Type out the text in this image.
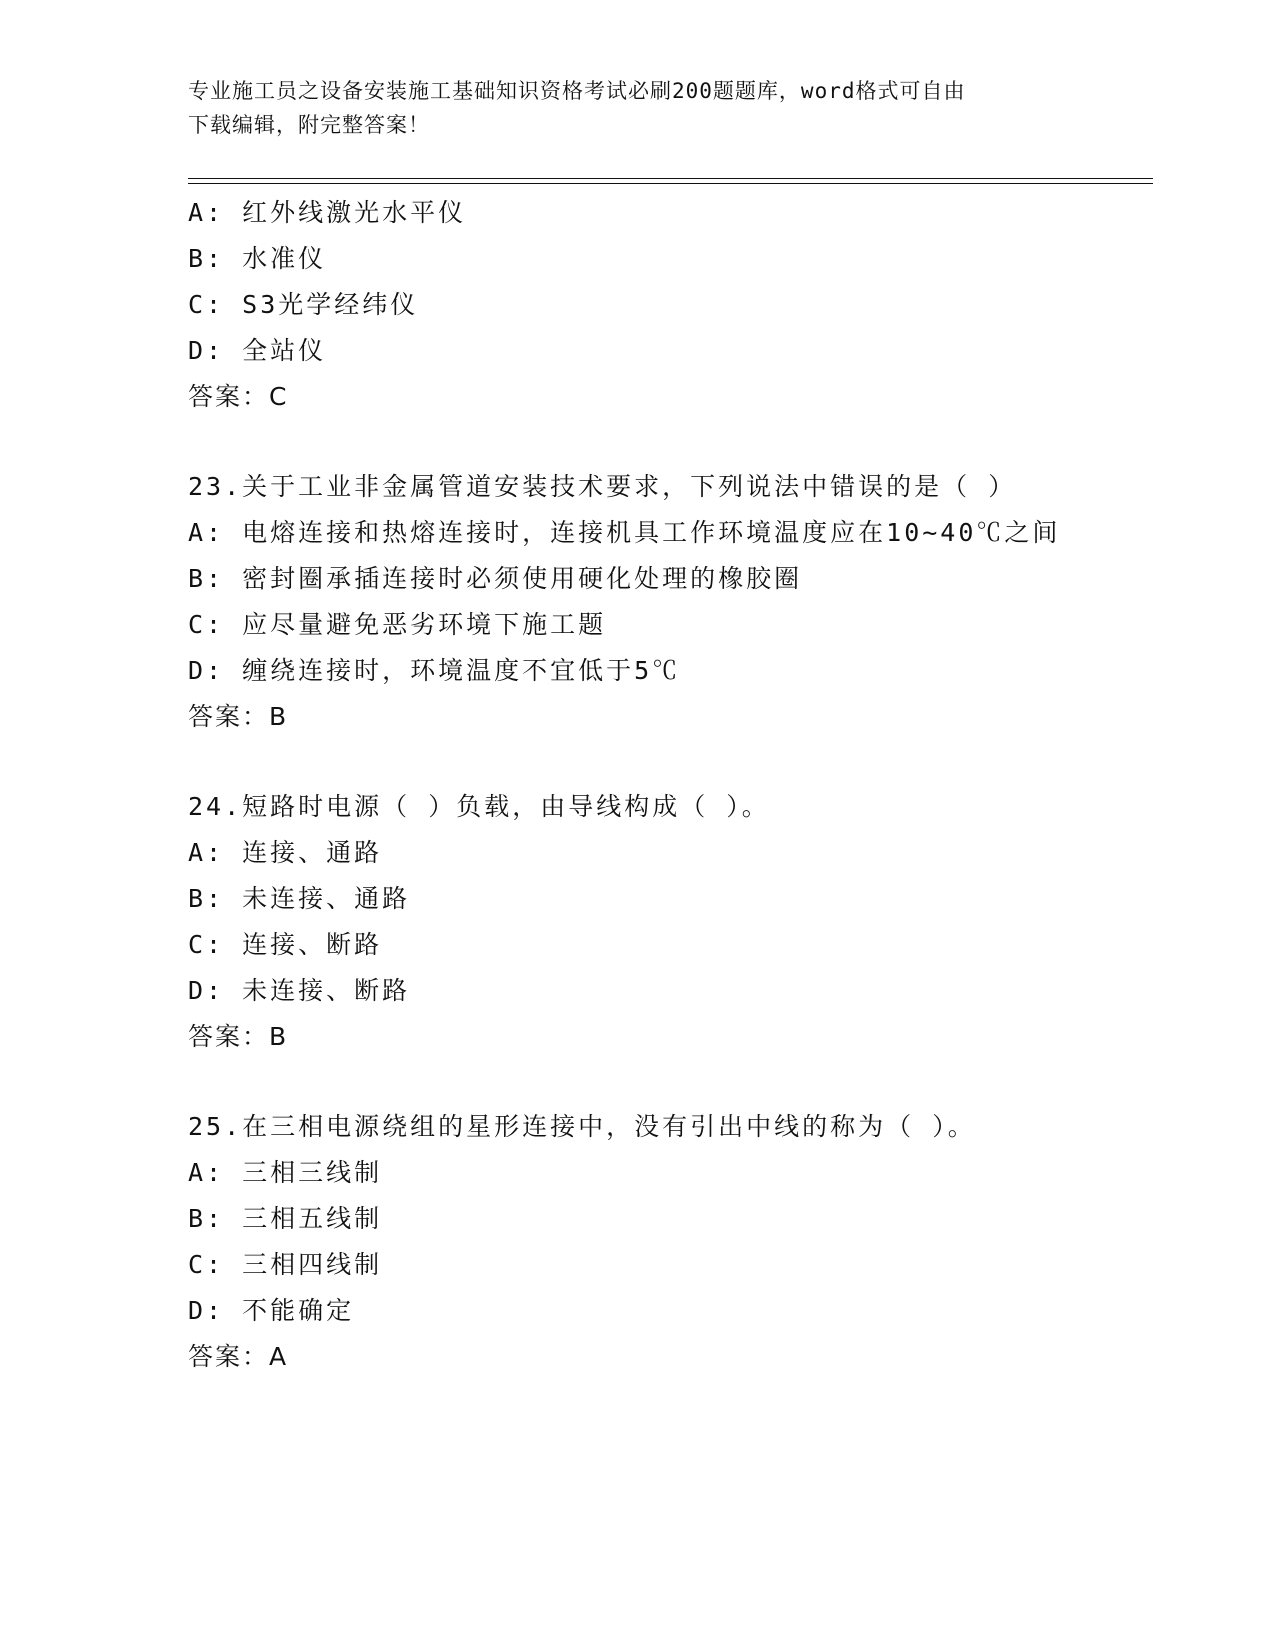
专业施工员之设备安装施工基础知识资格考试必刷200题题库，word格式可自由
下载编辑，附完整答案！
A: 红外线激光水平仪
B: 水准仪
C: S3光学经纬仪
D: 全站仪
答案：C
23.关于工业非金属管道安装技术要求，下列说法中错误的是（ ）
A: 电熔连接和热熔连接时，连接机具工作环境温度应在10~40℃之间
B: 密封圈承插连接时必须使用硬化处理的橡胶圈
C: 应尽量避免恶劣环境下施工题
D: 缠绕连接时，环境温度不宜低于5℃
答案：B
24.短路时电源（ ）负载，由导线构成（ ）。
A: 连接、通路
B: 未连接、通路
C: 连接、断路
D: 未连接、断路
答案：B
25.在三相电源绕组的星形连接中，没有引出中线的称为（ ）。
A: 三相三线制
B: 三相五线制
C: 三相四线制
D: 不能确定
答案：A
